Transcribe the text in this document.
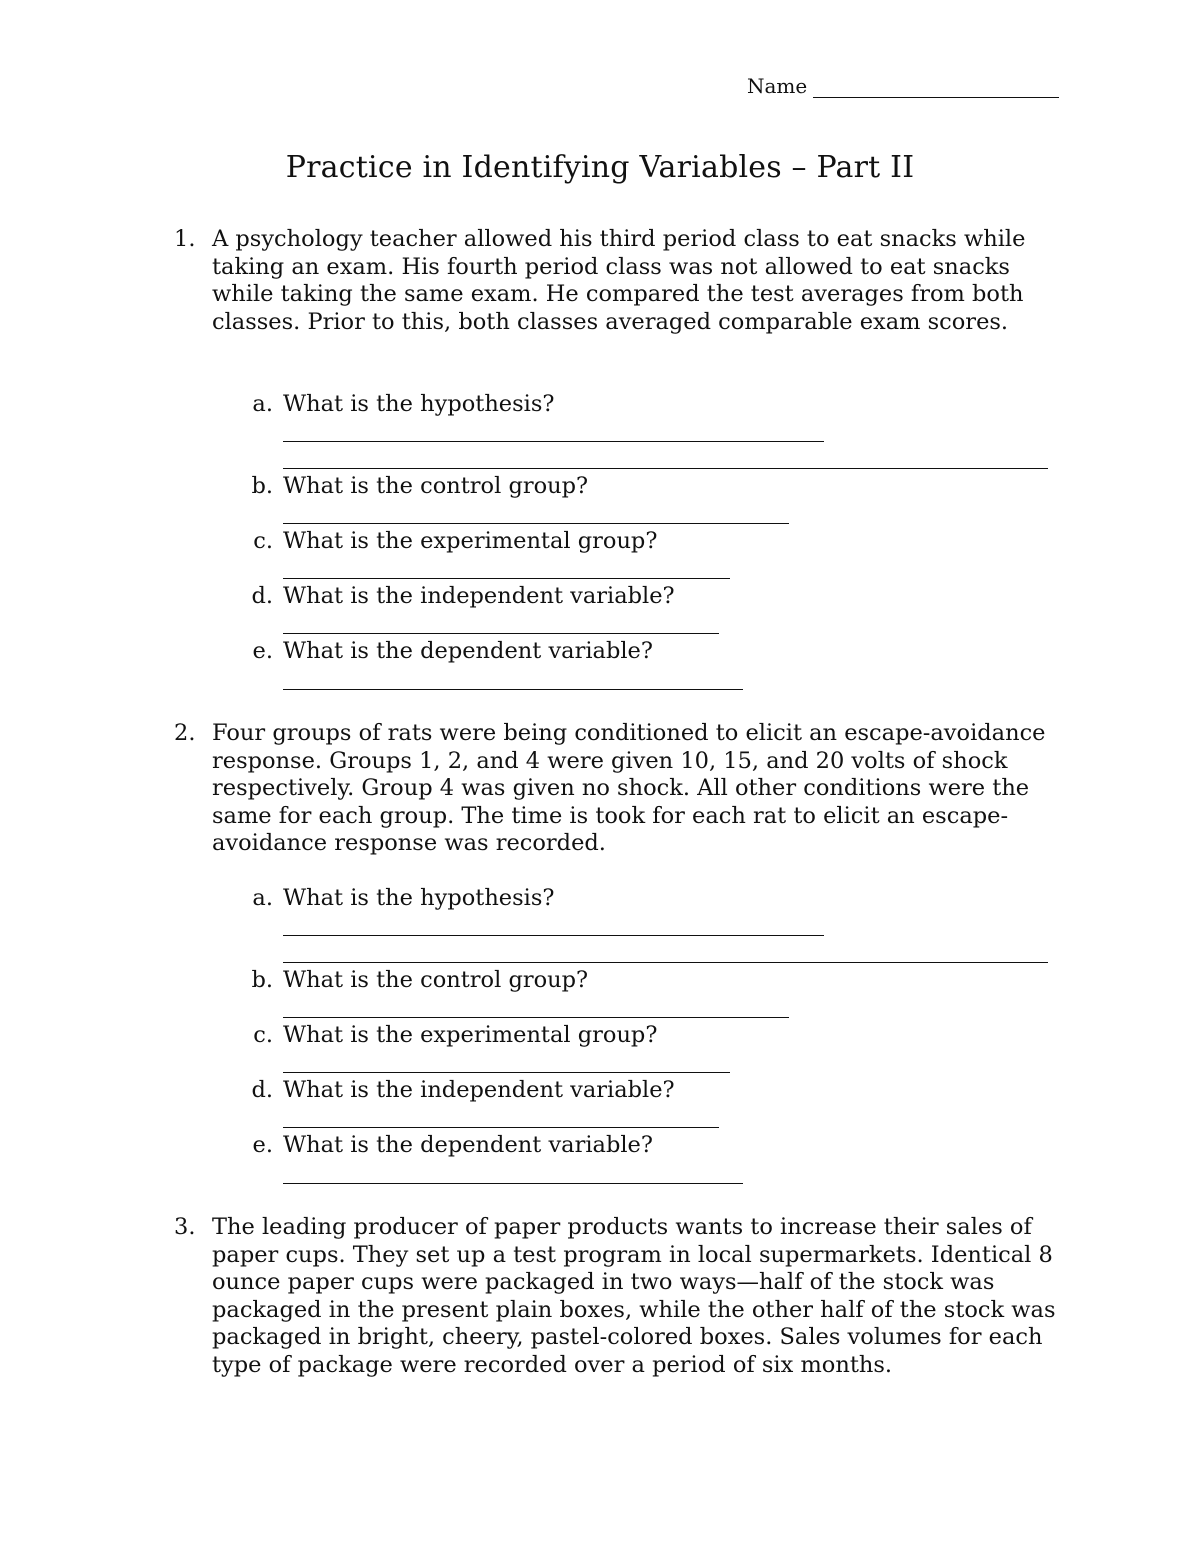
Name
Practice in Identifying Variables – Part II
1. A psychology teacher allowed his third period class to eat snacks while taking an exam. His fourth period class was not allowed to eat snacks while taking the same exam. He compared the test averages from both classes. Prior to this, both classes averaged comparable exam scores.
a. What is the hypothesis?
b. What is the control group?
c. What is the experimental group?
d. What is the independent variable?
e. What is the dependent variable?
2. Four groups of rats were being conditioned to elicit an escape-avoidance response. Groups 1, 2, and 4 were given 10, 15, and 20 volts of shock respectively. Group 4 was given no shock. All other conditions were the same for each group. The time is took for each rat to elicit an escape-avoidance response was recorded.
a. What is the hypothesis?
b. What is the control group?
c. What is the experimental group?
d. What is the independent variable?
e. What is the dependent variable?
3. The leading producer of paper products wants to increase their sales of paper cups. They set up a test program in local supermarkets. Identical 8 ounce paper cups were packaged in two ways—half of the stock was packaged in the present plain boxes, while the other half of the stock was packaged in bright, cheery, pastel-colored boxes. Sales volumes for each type of package were recorded over a period of six months.
